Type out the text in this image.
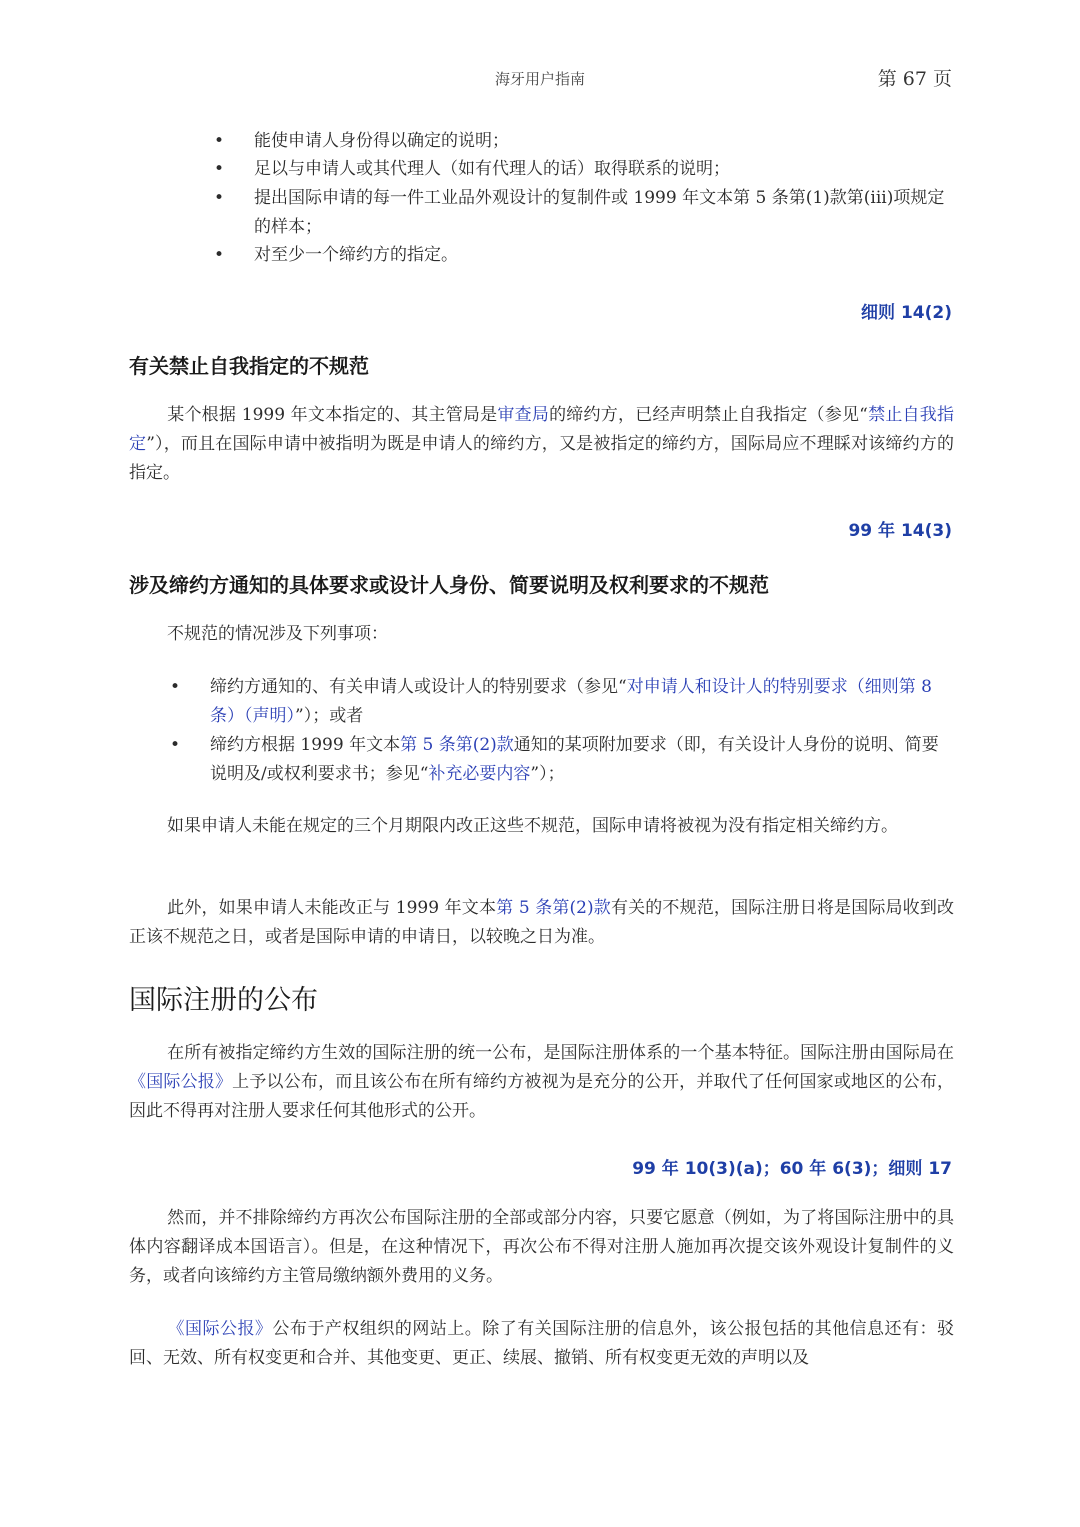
海牙用户指南	第 67 页
• 能使申请人身份得以确定的说明；
• 足以与申请人或其代理人（如有代理人的话）取得联系的说明；
• 提出国际申请的每一件工业品外观设计的复制件或 1999 年文本第 5 条第(1)款第(iii)项规定的样本；
• 对至少一个缔约方的指定。
细则 14(2)
有关禁止自我指定的不规范
某个根据 1999 年文本指定的、其主管局是审查局的缔约方，已经声明禁止自我指定（参见“禁止自我指定”），而且在国际申请中被指明为既是申请人的缔约方，又是被指定的缔约方，国际局应不理睬对该缔约方的指定。
99 年 14(3)
涉及缔约方通知的具体要求或设计人身份、简要说明及权利要求的不规范
不规范的情况涉及下列事项：
• 缔约方通知的、有关申请人或设计人的特别要求（参见“对申请人和设计人的特别要求（细则第 8 条）（声明）”）；或者
• 缔约方根据 1999 年文本第 5 条第(2)款通知的某项附加要求（即，有关设计人身份的说明、简要说明及/或权利要求书；参见“补充必要内容”）；
如果申请人未能在规定的三个月期限内改正这些不规范，国际申请将被视为没有指定相关缔约方。
此外，如果申请人未能改正与 1999 年文本第 5 条第(2)款有关的不规范，国际注册日将是国际局收到改正该不规范之日，或者是国际申请的申请日，以较晚之日为准。
国际注册的公布
在所有被指定缔约方生效的国际注册的统一公布，是国际注册体系的一个基本特征。国际注册由国际局在《国际公报》上予以公布，而且该公布在所有缔约方被视为是充分的公开，并取代了任何国家或地区的公布，因此不得再对注册人要求任何其他形式的公开。
99 年 10(3)(a)；60 年 6(3)；细则 17
然而，并不排除缔约方再次公布国际注册的全部或部分内容，只要它愿意（例如，为了将国际注册中的具体内容翻译成本国语言）。但是，在这种情况下，再次公布不得对注册人施加再次提交该外观设计复制件的义务，或者向该缔约方主管局缴纳额外费用的义务。
《国际公报》公布于产权组织的网站上。除了有关国际注册的信息外，该公报包括的其他信息还有：驳回、无效、所有权变更和合并、其他变更、更正、续展、撤销、所有权变更无效的声明以及
